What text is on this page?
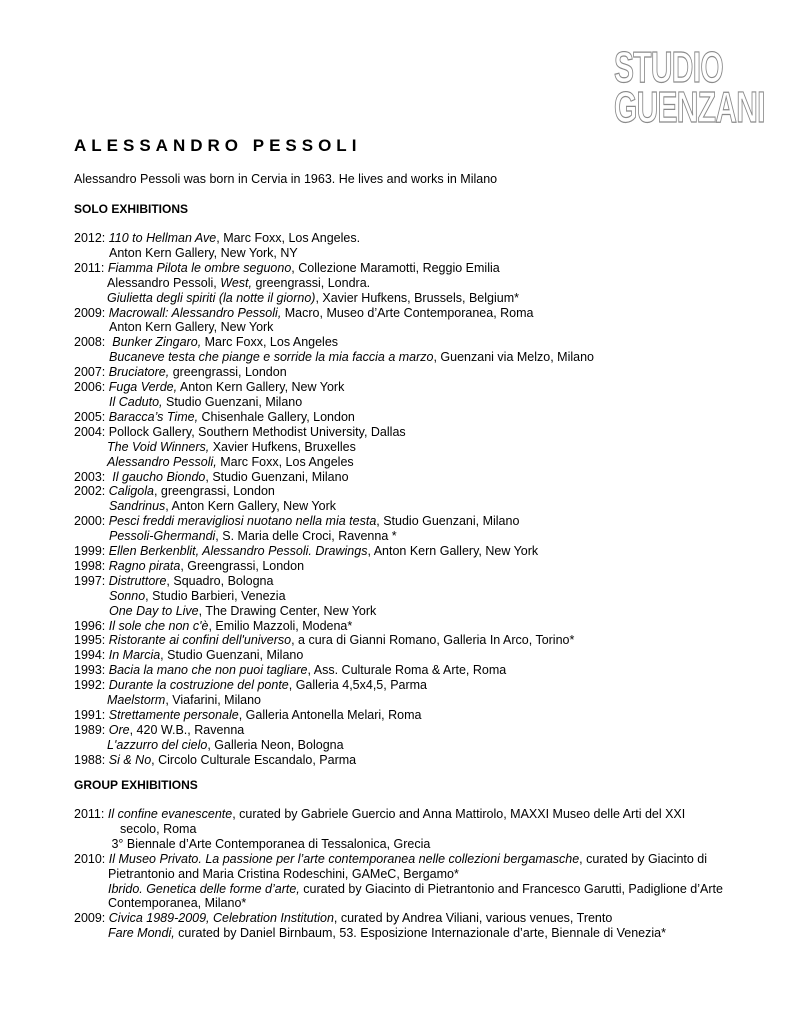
STUDIO
GUENZANI
ALESSANDRO PESSOLI
Alessandro Pessoli was born in Cervia in 1963. He lives and works in Milano
SOLO EXHIBITIONS
2012: 110 to Hellman Ave, Marc Foxx, Los Angeles.
Anton Kern Gallery, New York, NY
2011: Fiamma Pilota le ombre seguono, Collezione Maramotti, Reggio Emilia
Alessandro Pessoli, West, greengrassi, Londra.
Giulietta degli spiriti (la notte il giorno), Xavier Hufkens, Brussels, Belgium*
2009: Macrowall: Alessandro Pessoli, Macro, Museo d’Arte Contemporanea, Roma
Anton Kern Gallery, New York
2008: Bunker Zingaro, Marc Foxx, Los Angeles
Bucaneve testa che piange e sorride la mia faccia a marzo, Guenzani via Melzo, Milano
2007: Bruciatore, greengrassi, London
2006: Fuga Verde, Anton Kern Gallery, New York
Il Caduto, Studio Guenzani, Milano
2005: Baracca’s Time, Chisenhale Gallery, London
2004: Pollock Gallery, Southern Methodist University, Dallas
The Void Winners, Xavier Hufkens, Bruxelles
Alessandro Pessoli, Marc Foxx, Los Angeles
2003: Il gaucho Biondo, Studio Guenzani, Milano
2002: Caligola, greengrassi, London
Sandrinus, Anton Kern Gallery, New York
2000: Pesci freddi meravigliosi nuotano nella mia testa, Studio Guenzani, Milano
Pessoli-Ghermandi, S. Maria delle Croci, Ravenna *
1999: Ellen Berkenblit, Alessandro Pessoli. Drawings, Anton Kern Gallery, New York
1998: Ragno pirata, Greengrassi, London
1997: Distruttore, Squadro, Bologna
Sonno, Studio Barbieri, Venezia
One Day to Live, The Drawing Center, New York
1996: Il sole che non c'è, Emilio Mazzoli, Modena*
1995: Ristorante ai confini dell'universo, a cura di Gianni Romano, Galleria In Arco, Torino*
1994: In Marcia, Studio Guenzani, Milano
1993: Bacia la mano che non puoi tagliare, Ass. Culturale Roma & Arte, Roma
1992: Durante la costruzione del ponte, Galleria 4,5x4,5, Parma
Maelstorm, Viafarini, Milano
1991: Strettamente personale, Galleria Antonella Melari, Roma
1989: Ore, 420 W.B., Ravenna
L'azzurro del cielo, Galleria Neon, Bologna
1988: Si & No, Circolo Culturale Escandalo, Parma
GROUP EXHIBITIONS
2011: Il confine evanescente, curated by Gabriele Guercio and Anna Mattirolo, MAXXI Museo delle Arti del XXI
secolo, Roma
3° Biennale d’Arte Contemporanea di Tessalonica, Grecia
2010: Il Museo Privato. La passione per l’arte contemporanea nelle collezioni bergamasche, curated by Giacinto di
Pietrantonio and Maria Cristina Rodeschini, GAMeC, Bergamo*
Ibrido. Genetica delle forme d’arte, curated by Giacinto di Pietrantonio and Francesco Garutti, Padiglione d’Arte
Contemporanea, Milano*
2009: Civica 1989-2009, Celebration Institution, curated by Andrea Viliani, various venues, Trento
Fare Mondi, curated by Daniel Birnbaum, 53. Esposizione Internazionale d’arte, Biennale di Venezia*
